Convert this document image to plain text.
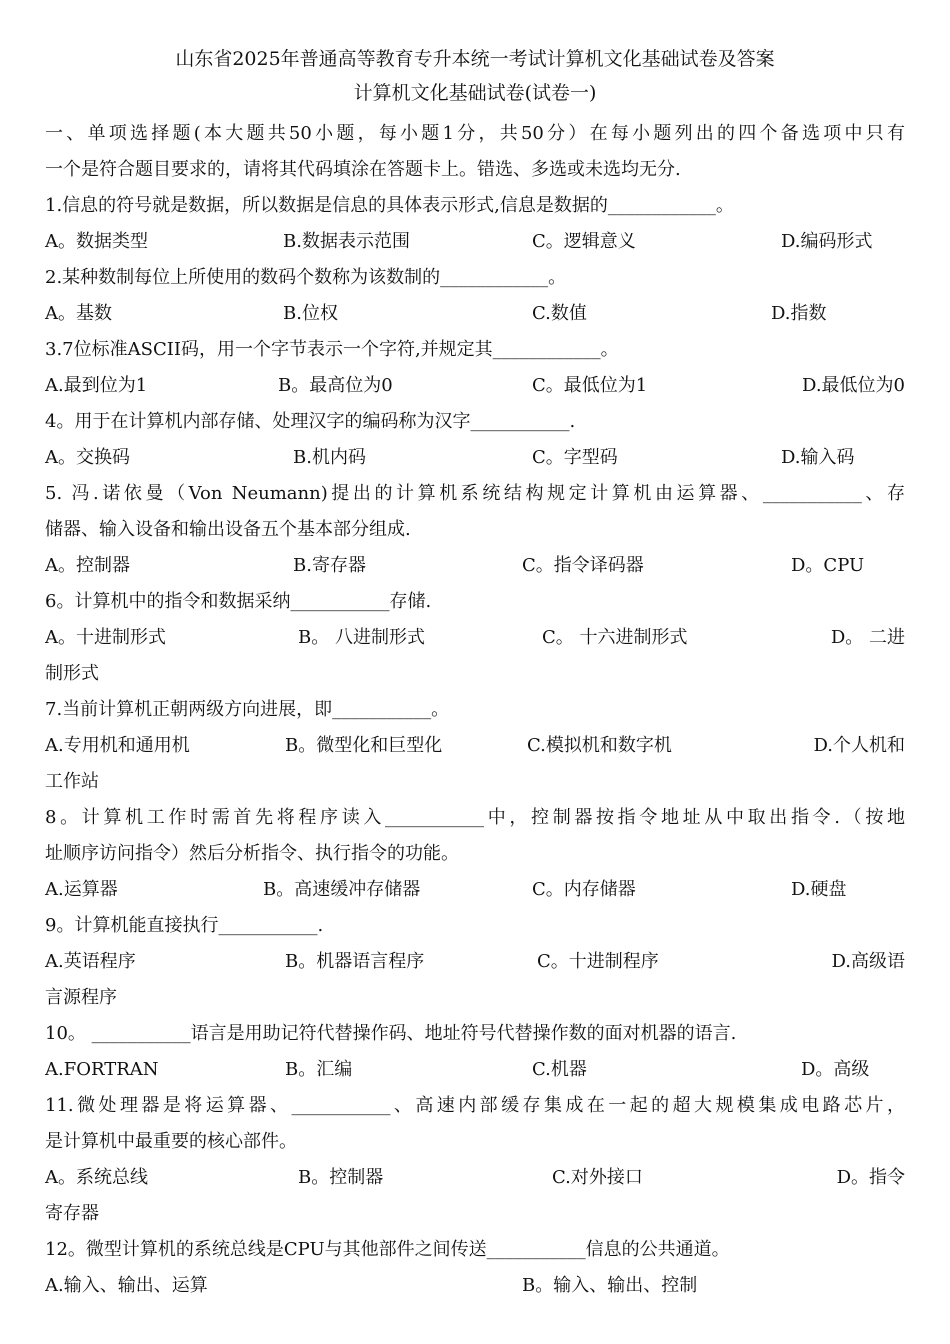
山东省2025年普通高等教育专升本统一考试计算机文化基础试卷及答案
计算机文化基础试卷(试卷一)
一、单项选择题(本大题共50小题，每小题1分，共50分）在每小题列出的四个备选项中只有
一个是符合题目要求的，请将其代码填涂在答题卡上。错选、多选或未选均无分.
1.信息的符号就是数据，所以数据是信息的具体表示形式,信息是数据的____________。
A。数据类型	B.数据表示范围	C。逻辑意义	D.编码形式
2.某种数制每位上所使用的数码个数称为该数制的____________。
A。基数	B.位权	C.数值	D.指数
3.7位标准ASCII码，用一个字节表示一个字符,并规定其____________。
A.最到位为1	B。最高位为0	C。最低位为1	D.最低位为0
4。用于在计算机内部存储、处理汉字的编码称为汉字___________.
A。交换码	B.机内码	C。字型码	D.输入码
5. 冯.诺依曼（Von Neumann)提出的计算机系统结构规定计算机由运算器、___________、存
储器、输入设备和输出设备五个基本部分组成.
A。控制器	B.寄存器	C。指令译码器	D。CPU
6。计算机中的指令和数据采纳___________存储.
A。十进制形式	B。 八进制形式	C。 十六进制形式	D。 二进
制形式
7.当前计算机正朝两级方向进展，即___________。
A.专用机和通用机	B。微型化和巨型化	C.模拟机和数字机	D.个人机和
工作站
8。计算机工作时需首先将程序读入___________中，控制器按指令地址从中取出指令.（按地
址顺序访问指令）然后分析指令、执行指令的功能。
A.运算器	B。高速缓冲存储器	C。内存储器	D.硬盘
9。计算机能直接执行___________.
A.英语程序	B。机器语言程序	C。十进制程序	D.高级语
言源程序
10。 ___________语言是用助记符代替操作码、地址符号代替操作数的面对机器的语言.
A.FORTRAN	B。汇编	C.机器	D。高级
11.微处理器是将运算器、___________、高速内部缓存集成在一起的超大规模集成电路芯片，
是计算机中最重要的核心部件。
A。系统总线	B。控制器	C.对外接口	D。指令
寄存器
12。微型计算机的系统总线是CPU与其他部件之间传送___________信息的公共通道。
A.输入、输出、运算	B。输入、输出、控制
